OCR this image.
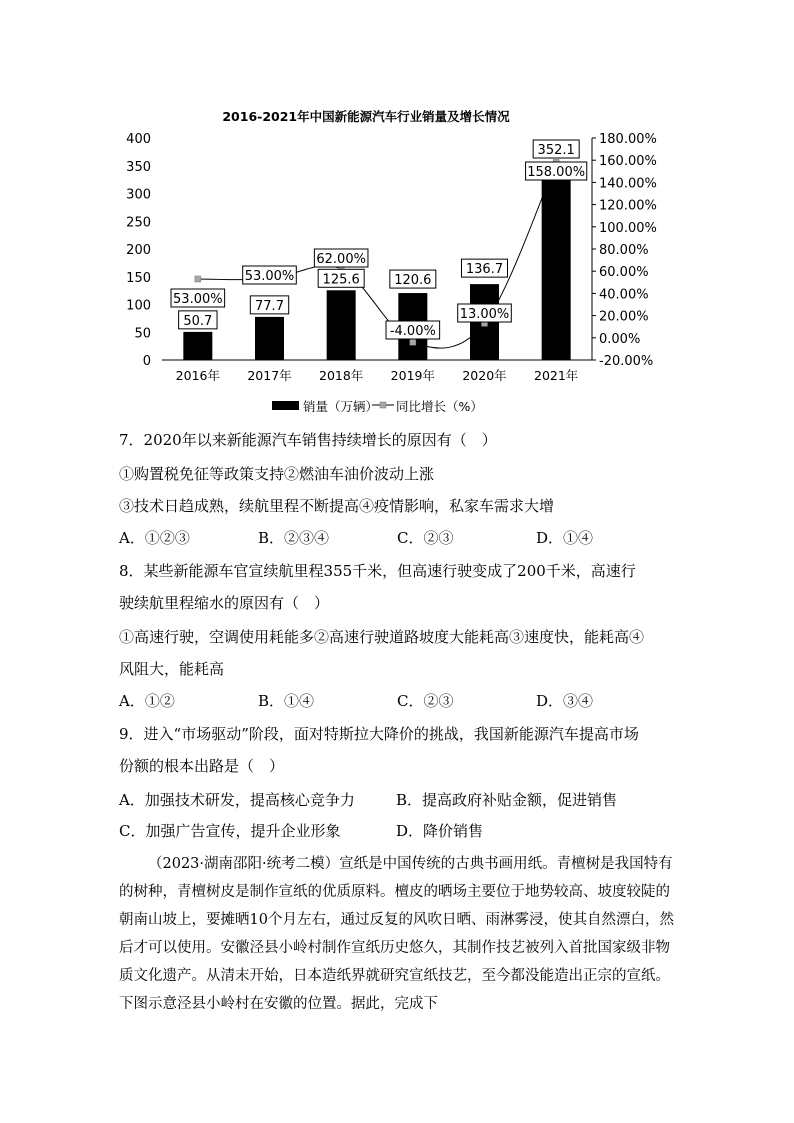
2016-2021年中国新能源汽车行业销量及增长情况
0
50
100
150
200
250
300
350
400
-20.00%
0.00%
20.00%
40.00%
60.00%
80.00%
100.00%
120.00%
140.00%
160.00%
180.00%
2016年 2017年 2018年 2019年 2020年 2021年
50.7
77.7
125.6	120.6
136.7
352.1
53.00%
53.00%
62.00%
-4.00%
13.00%
158.00%
销量（万辆） 同比增长（%）
7．2020年以来新能源汽车销售持续增长的原因有（　）
①购置税免征等政策支持②燃油车油价波动上涨
③技术日趋成熟，续航里程不断提高④疫情影响，私家车需求大增
A．①②③	B．②③④	C．②③	D．①④
8．某些新能源车官宣续航里程355千米，但高速行驶变成了200千米，高速行
驶续航里程缩水的原因有（　）
①高速行驶，空调使用耗能多②高速行驶道路坡度大能耗高③速度快，能耗高④
风阻大，能耗高
A．①②	B．①④	C．②③	D．③④
9．进入“市场驱动”阶段，面对特斯拉大降价的挑战，我国新能源汽车提高市场
份额的根本出路是（　）
A．加强技术研发，提高核心竞争力	B．提高政府补贴金额，促进销售
C．加强广告宣传，提升企业形象	D．降价销售
（2023·湖南邵阳·统考二模）宣纸是中国传统的古典书画用纸。青檀树是我国特有的树种，青檀树皮是制作宣纸的优质原料。檀皮的晒场主要位于地势较高、坡度较陡的朝南山坡上，要摊晒10个月左右，通过反复的风吹日晒、雨淋雾浸，使其自然漂白，然后才可以使用。安徽泾县小岭村制作宣纸历史悠久，其制作技艺被列入首批国家级非物质文化遗产。从清末开始，日本造纸界就研究宣纸技艺，至今都没能造出正宗的宣纸。下图示意泾县小岭村在安徽的位置。据此，完成下
